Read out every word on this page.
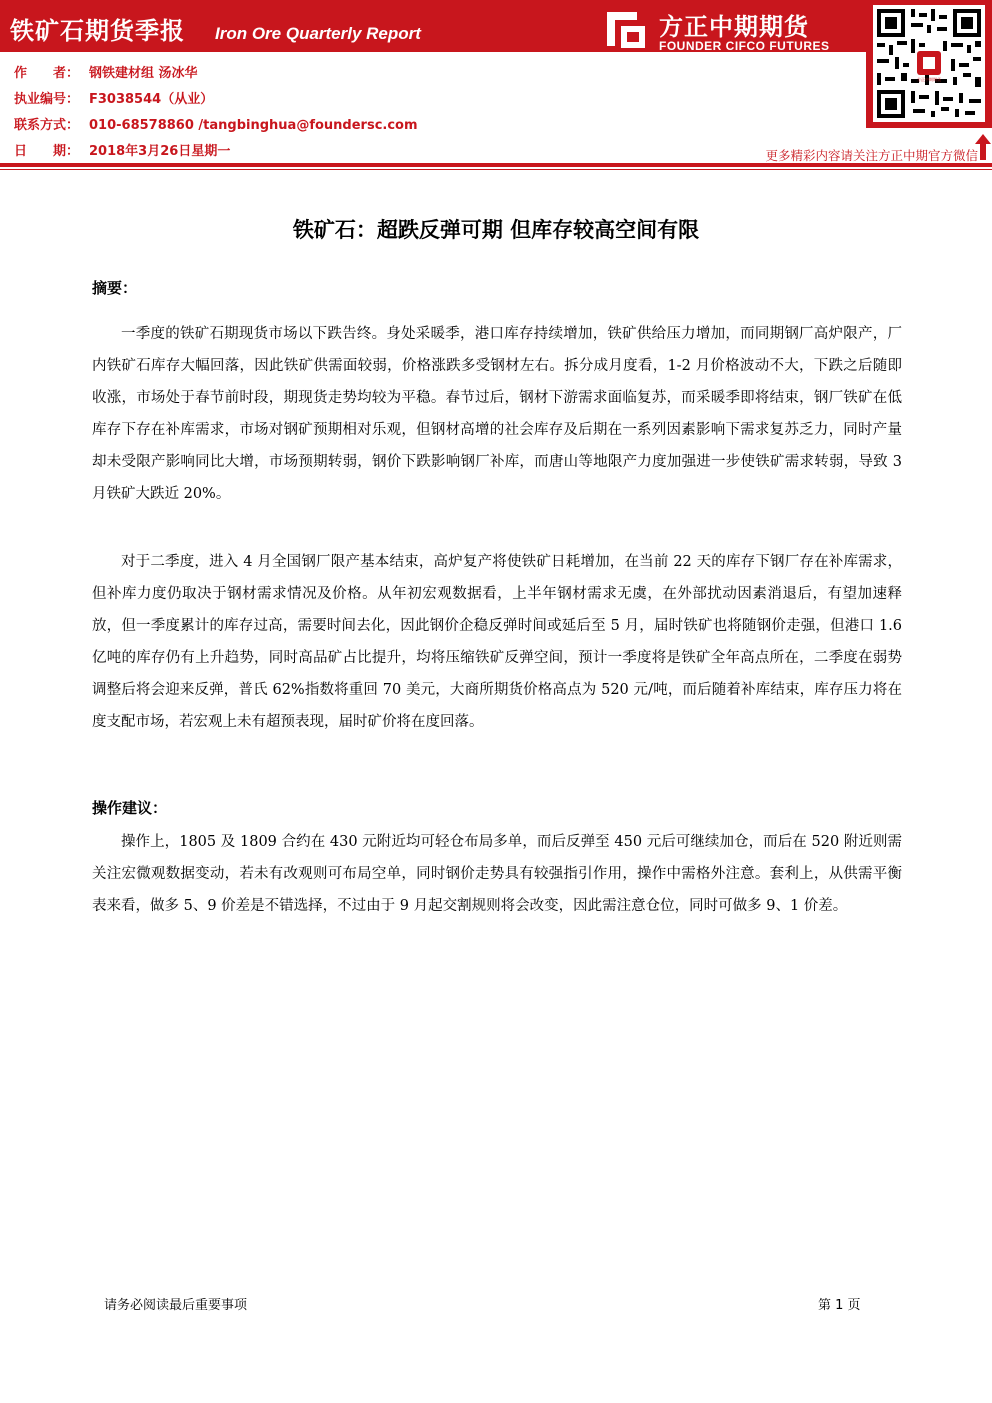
铁矿石期货季报 Iron Ore Quarterly Report	方正中期期货
FOUNDER CIFCO FUTURES
方正中期期货
作　　者： 钢铁建材组 汤冰华
执业编号： F3038544（从业）
联系方式： 010-68578860 /tangbinghua@foundersc.com
日　　期： 2018年3月26日星期一	更多精彩内容请关注方正中期官方微信
铁矿石：超跌反弹可期 但库存较高空间有限
摘要：

一季度的铁矿石期现货市场以下跌告终。身处采暖季，港口库存持续增加，铁矿供给压力增加，而同期钢厂高炉限产，厂内铁矿石库存大幅回落，因此铁矿供需面较弱，价格涨跌多受钢材左右。拆分成月度看，1-2 月价格波动不大，下跌之后随即收涨，市场处于春节前时段，期现货走势均较为平稳。春节过后，钢材下游需求面临复苏，而采暖季即将结束，钢厂铁矿在低库存下存在补库需求，市场对钢矿预期相对乐观，但钢材高增的社会库存及后期在一系列因素影响下需求复苏乏力，同时产量却未受限产影响同比大增，市场预期转弱，钢价下跌影响钢厂补库，而唐山等地限产力度加强进一步使铁矿需求转弱，导致 3 月铁矿大跌近 20%。

对于二季度，进入 4 月全国钢厂限产基本结束，高炉复产将使铁矿日耗增加，在当前 22 天的库存下钢厂存在补库需求，但补库力度仍取决于钢材需求情况及价格。从年初宏观数据看，上半年钢材需求无虞，在外部扰动因素消退后，有望加速释放，但一季度累计的库存过高，需要时间去化，因此钢价企稳反弹时间或延后至 5 月，届时铁矿也将随钢价走强，但港口 1.6 亿吨的库存仍有上升趋势，同时高品矿占比提升，均将压缩铁矿反弹空间，预计一季度将是铁矿全年高点所在，二季度在弱势调整后将会迎来反弹，普氏 62%指数将重回 70 美元，大商所期货价格高点为 520 元/吨，而后随着补库结束，库存压力将在度支配市场，若宏观上未有超预表现，届时矿价将在度回落。

操作建议：

操作上，1805 及 1809 合约在 430 元附近均可轻仓布局多单，而后反弹至 450 元后可继续加仓，而后在 520 附近则需关注宏微观数据变动，若未有改观则可布局空单，同时钢价走势具有较强指引作用，操作中需格外注意。套利上，从供需平衡表来看，做多 5、9 价差是不错选择，不过由于 9 月起交割规则将会改变，因此需注意仓位，同时可做多 9、1 价差。

请务必阅读最后重要事项	第 1 页
